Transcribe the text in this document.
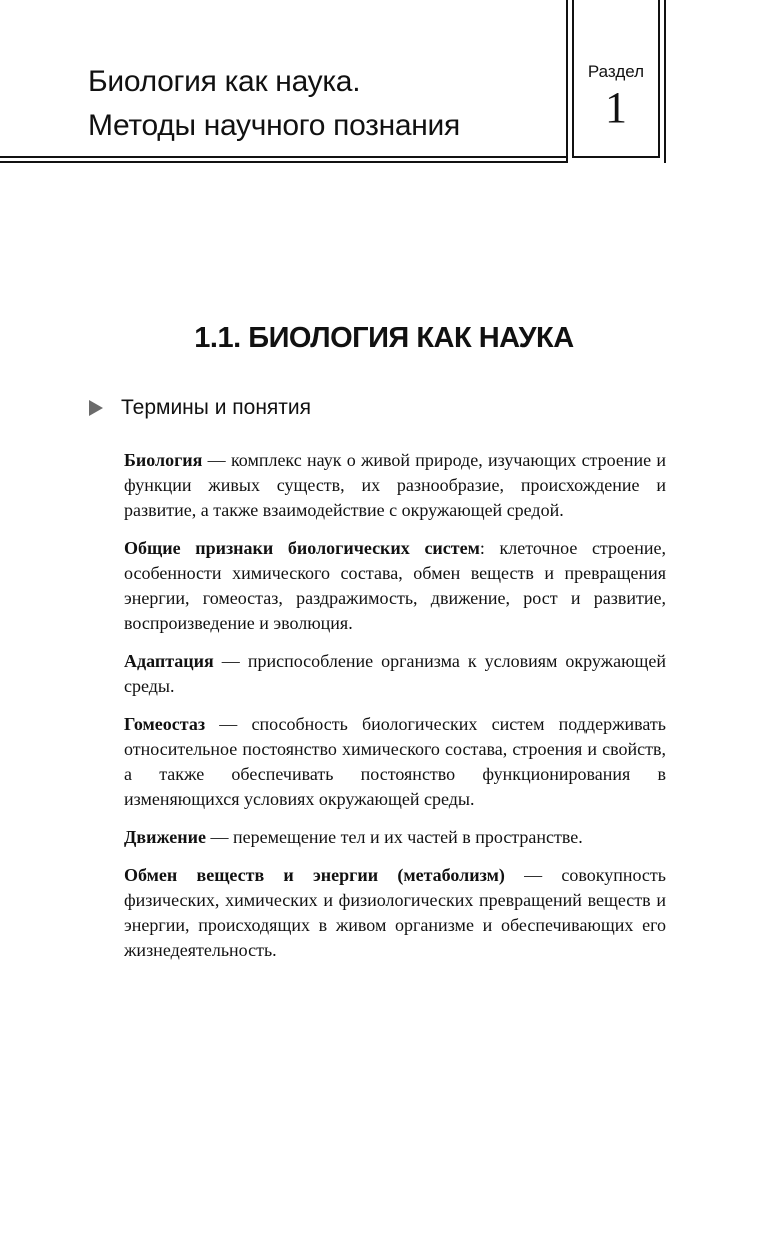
Биология как наука.
Методы научного познания
Раздел
1
1.1. БИОЛОГИЯ КАК НАУКА
Термины и понятия

Биология — комплекс наук о живой природе, изучающих строение и функции живых существ, их разнообразие, происхождение и развитие, а также взаимодействие с окружающей средой.

Общие признаки биологических систем: клеточное строение, особенности химического состава, обмен веществ и превращения энергии, гомеостаз, раздражимость, движение, рост и развитие, воспроизведение и эволюция.

Адаптация — приспособление организма к условиям окружающей среды.

Гомеостаз — способность биологических систем поддерживать относительное постоянство химического состава, строения и свойств, а также обеспечивать постоянство функционирования в изменяющихся условиях окружающей среды.

Движение — перемещение тел и их частей в пространстве.

Обмен веществ и энергии (метаболизм) — совокупность физических, химических и физиологических превращений веществ и энергии, происходящих в живом организме и обеспечивающих его жизнедеятельность.
